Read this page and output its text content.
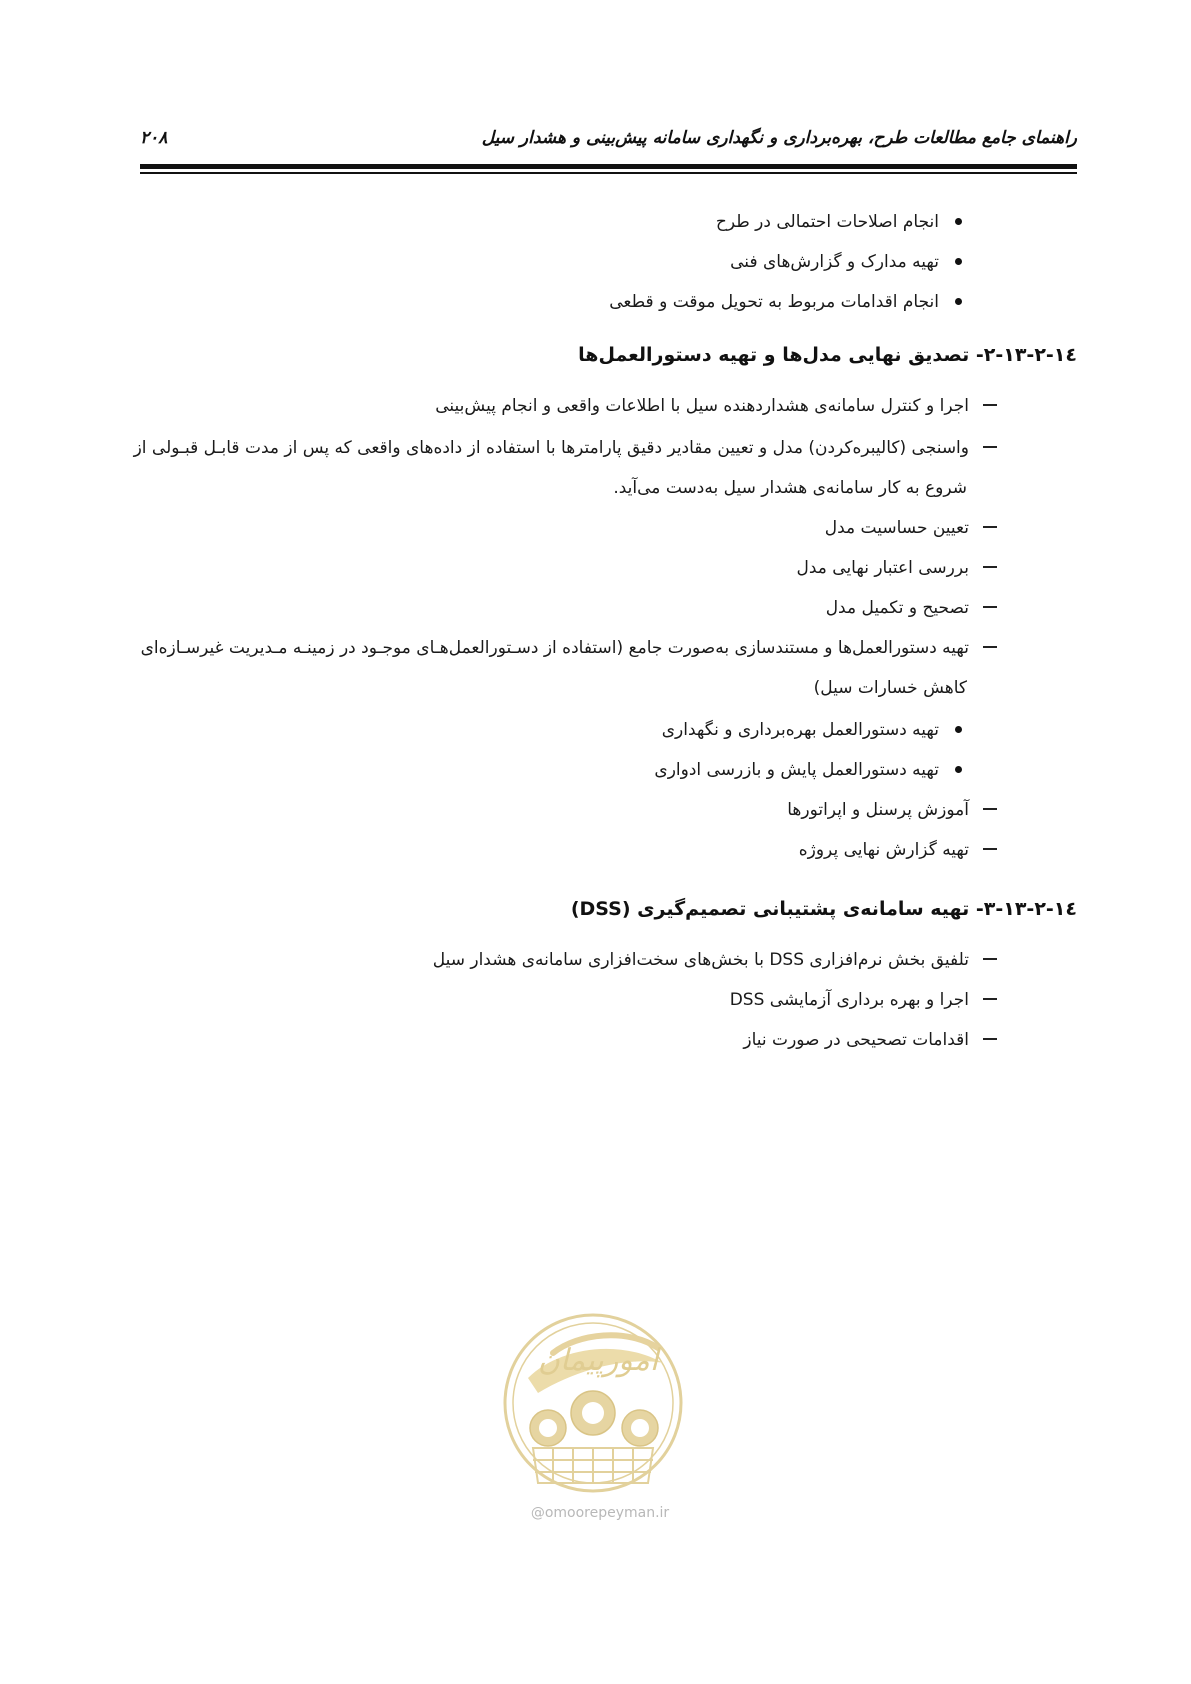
راهنمای جامع مطالعات طرح، بهره‌برداری و نگهداری سامانه پیش‌بینی و هشدار سیل
۲۰۸
انجام اصلاحات احتمالی در طرح
تهیه مدارک و گزارش‌های فنی
انجام اقدامات مربوط به تحویل موقت و قطعی
۱۳-۲-۱٤-۲- تصدیق نهایی مدل‌ها و تهیه دستورالعمل‌ها
اجرا و کنترل سامانه‌ی هشداردهنده سیل با اطلاعات واقعی و انجام پیش‌بینی
واسنجی (کالیبره‌کردن) مدل و تعیین مقادیر دقیق پارامترها با استفاده از داده‌های واقعی که پس از مدت قابـل قبـولی از
شروع به کار سامانه‌ی هشدار سیل به‌دست می‌آید.
تعیین حساسیت مدل
بررسی اعتبار نهایی مدل
تصحیح و تکمیل مدل
تهیه دستورالعمل‌ها و مستندسازی به‌صورت جامع (استفاده از دسـتورالعمل‌هـای موجـود در زمینـه مـدیریت غیرسـازه‌ای
کاهش خسارات سیل)
تهیه دستورالعمل بهره‌برداری و نگهداری
تهیه دستورالعمل پایش و بازرسی ادواری
آموزش پرسنل و اپراتورها
تهیه گزارش نهایی پروژه
۱۳-۲-۱٤-۳- تهیه سامانه‌ی پشتیبانی تصمیم‌گیری (DSS)
تلفیق بخش نرم‌افزاری DSS با بخش‌های سخت‌افزاری سامانه‌ی هشدار سیل
اجرا و بهره برداری آزمایشی DSS
اقدامات تصحیحی در صورت نیاز
امورپیمان
@omoorepeyman.ir
